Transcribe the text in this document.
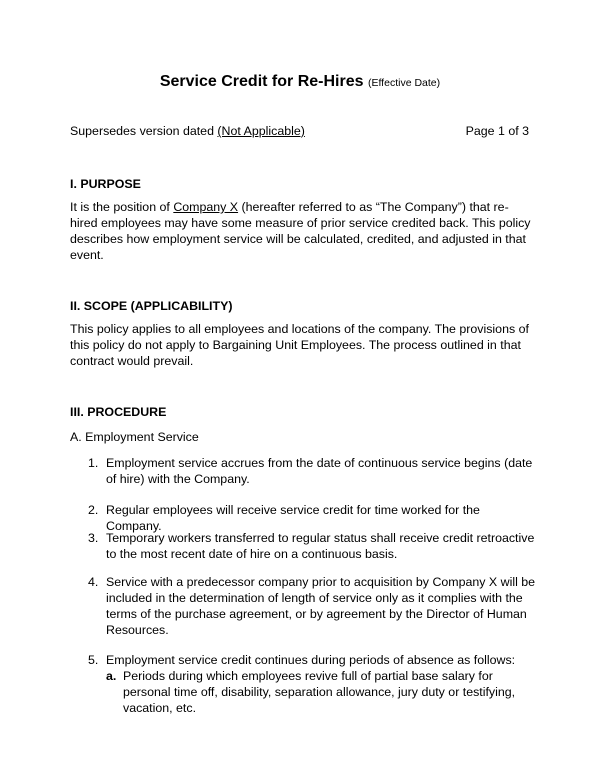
Service Credit for Re-Hires (Effective Date)
Supersedes version dated (Not Applicable)	Page 1 of 3
I. PURPOSE
It is the position of Company X (hereafter referred to as “The Company”) that re-hired employees may have some measure of prior service credited back. This policy describes how employment service will be calculated, credited, and adjusted in that event.
II. SCOPE (APPLICABILITY)
This policy applies to all employees and locations of the company. The provisions of this policy do not apply to Bargaining Unit Employees. The process outlined in that contract would prevail.
III. PROCEDURE
A. Employment Service
1. Employment service accrues from the date of continuous service begins (date of hire) with the Company.
2. Regular employees will receive service credit for time worked for the Company.
3. Temporary workers transferred to regular status shall receive credit retroactive to the most recent date of hire on a continuous basis.
4. Service with a predecessor company prior to acquisition by Company X will be included in the determination of length of service only as it complies with the terms of the purchase agreement, or by agreement by the Director of Human Resources.
5. Employment service credit continues during periods of absence as follows:
a. Periods during which employees revive full of partial base salary for personal time off, disability, separation allowance, jury duty or testifying, vacation, etc.
